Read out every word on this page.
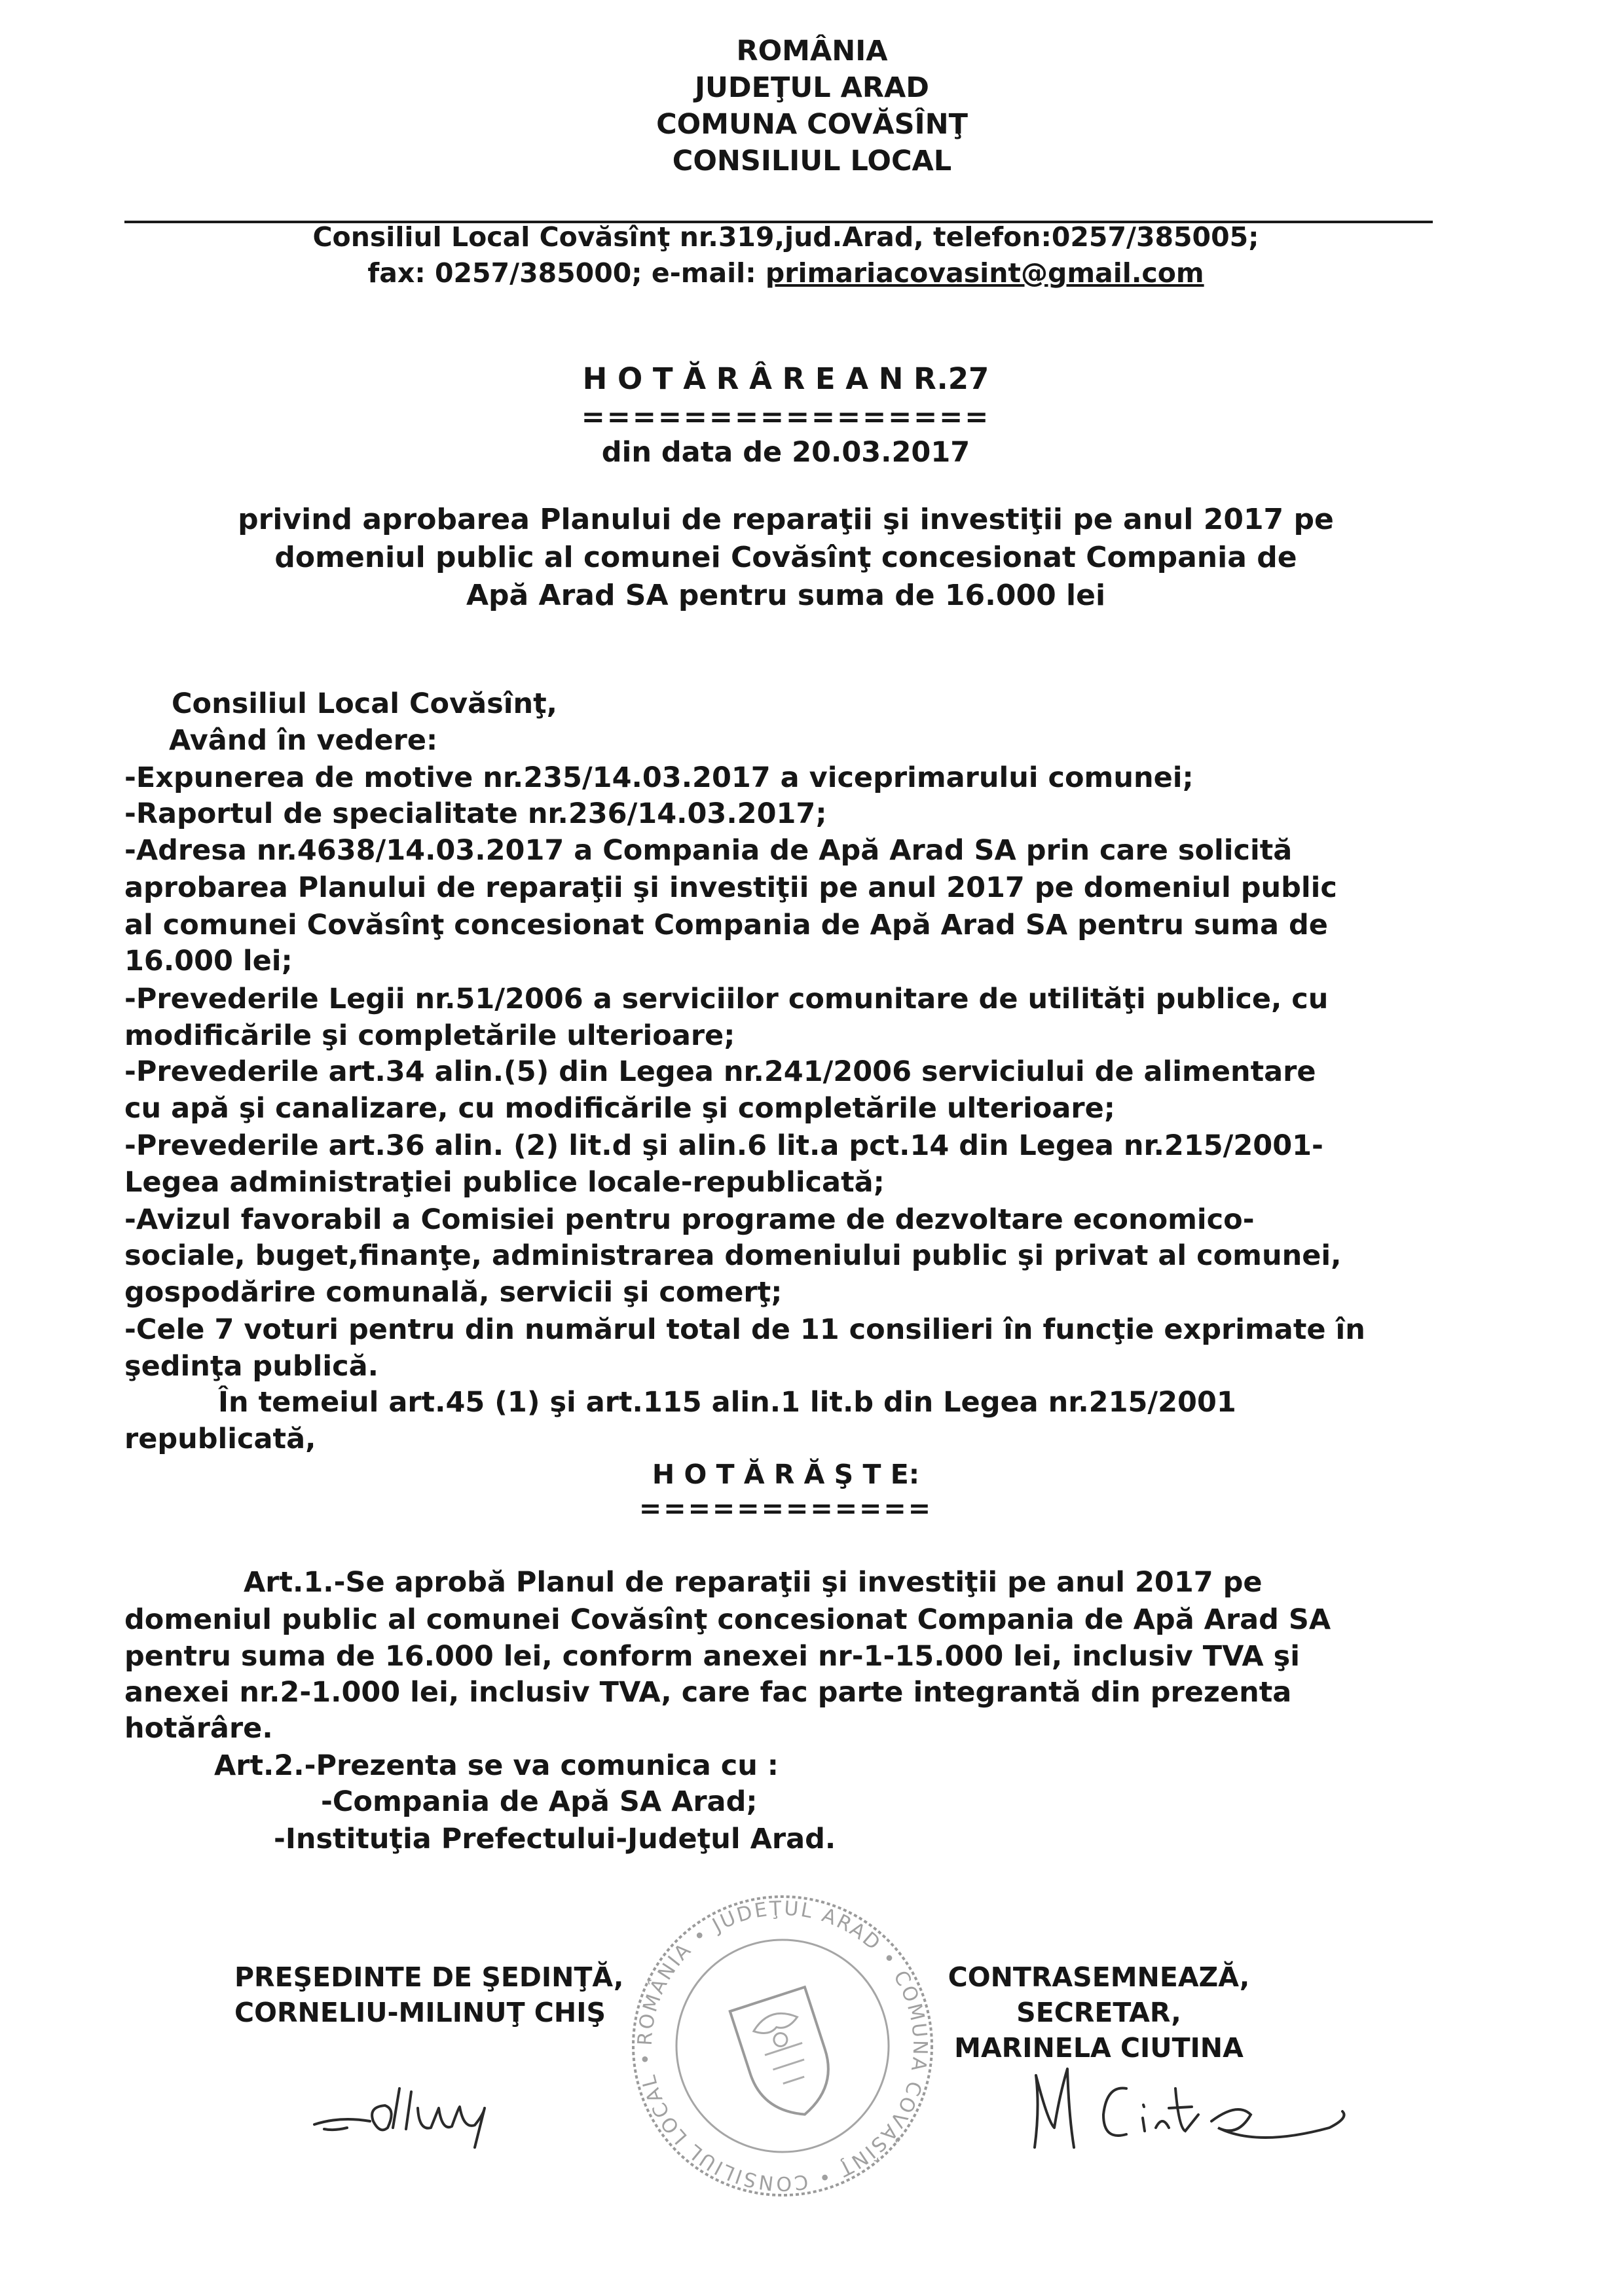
ROMÂNIA
JUDEŢUL ARAD
COMUNA COVĂSÎNŢ
CONSILIUL LOCAL
Consiliul Local Covăsînţ nr.319,jud.Arad, telefon:0257/385005;
fax: 0257/385000; e-mail: primariacovasint@gmail.com
H O T Ă R Â R E A N R.27
================
din data de 20.03.2017
privind aprobarea Planului de reparaţii şi investiţii pe anul 2017 pe
domeniul public al comunei Covăsînţ concesionat Compania de
Apă Arad SA pentru suma de 16.000 lei
Consiliul Local Covăsînţ,
Având în vedere:
-Expunerea de motive nr.235/14.03.2017 a viceprimarului comunei;
-Raportul de specialitate nr.236/14.03.2017;
-Adresa nr.4638/14.03.2017 a Compania de Apă Arad SA prin care solicită
aprobarea Planului de reparaţii şi investiţii pe anul 2017 pe domeniul public
al comunei Covăsînţ concesionat Compania de Apă Arad SA pentru suma de
16.000 lei;
-Prevederile Legii nr.51/2006 a serviciilor comunitare de utilităţi publice, cu
modificările şi completările ulterioare;
-Prevederile art.34 alin.(5) din Legea nr.241/2006 serviciului de alimentare
cu apă şi canalizare, cu modificările şi completările ulterioare;
-Prevederile art.36 alin. (2) lit.d şi alin.6 lit.a pct.14 din Legea nr.215/2001-
Legea administraţiei publice locale-republicată;
-Avizul favorabil a Comisiei pentru programe de dezvoltare economico-
sociale, buget,finanţe, administrarea domeniului public şi privat al comunei,
gospodărire comunală, servicii şi comerţ;
-Cele 7 voturi pentru din numărul total de 11 consilieri în funcţie exprimate în
şedinţa publică.
În temeiul art.45 (1) şi art.115 alin.1 lit.b din Legea nr.215/2001
republicată,
H O T Ă R Ă Ş T E:
============
Art.1.-Se aprobă Planul de reparaţii şi investiţii pe anul 2017 pe
domeniul public al comunei Covăsînţ concesionat Compania de Apă Arad SA
pentru suma de 16.000 lei, conform anexei nr-1-15.000 lei, inclusiv TVA şi
anexei nr.2-1.000 lei, inclusiv TVA, care fac parte integrantă din prezenta
hotărâre.
Art.2.-Prezenta se va comunica cu :
-Compania de Apă SA Arad;
-Instituţia Prefectului-Judeţul Arad.
ROMÂNIA • JUDEŢUL ARAD • COMUNA COVĂSÎNŢ • CONSILIUL LOCAL •
PREŞEDINTE DE ŞEDINŢĂ,
CORNELIU-MILINUŢ CHIŞ
CONTRASEMNEAZĂ,
SECRETAR,
MARINELA CIUTINA
